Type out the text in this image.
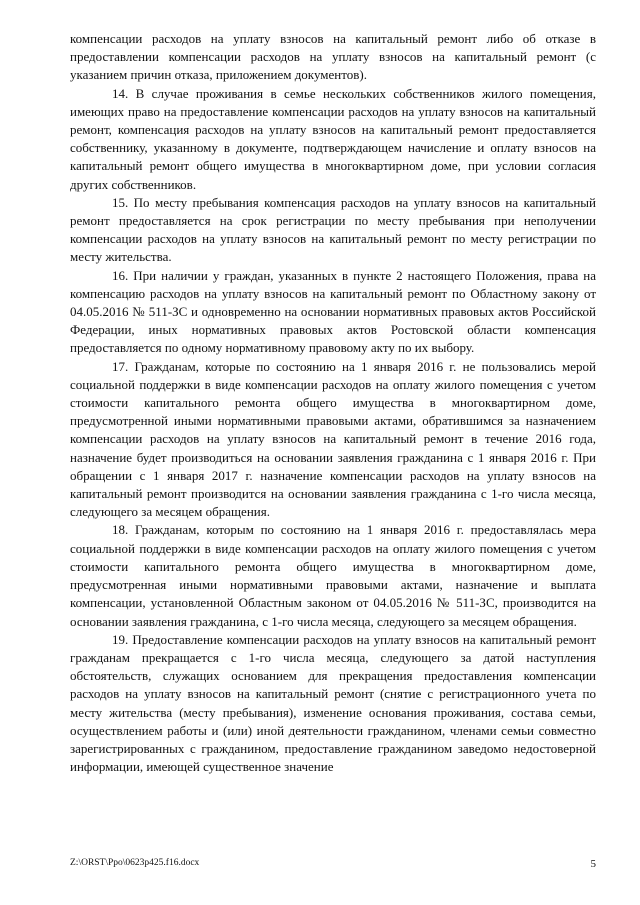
компенсации расходов на уплату взносов на капитальный ремонт либо об отказе в предоставлении компенсации расходов на уплату взносов на капитальный ремонт (с указанием причин отказа, приложением документов).

14. В случае проживания в семье нескольких собственников жилого помещения, имеющих право на предоставление компенсации расходов на уплату взносов на капитальный ремонт, компенсация расходов на уплату взносов на капитальный ремонт предоставляется собственнику, указанному в документе, подтверждающем начисление и оплату взносов на капитальный ремонт общего имущества в многоквартирном доме, при условии согласия других собственников.

15. По месту пребывания компенсация расходов на уплату взносов на капитальный ремонт предоставляется на срок регистрации по месту пребывания при неполучении компенсации расходов на уплату взносов на капитальный ремонт по месту регистрации по месту жительства.

16. При наличии у граждан, указанных в пункте 2 настоящего Положения, права на компенсацию расходов на уплату взносов на капитальный ремонт по Областному закону от 04.05.2016 № 511-ЗС и одновременно на основании нормативных правовых актов Российской Федерации, иных нормативных правовых актов Ростовской области компенсация предоставляется по одному нормативному правовому акту по их выбору.

17. Гражданам, которые по состоянию на 1 января 2016 г. не пользовались мерой социальной поддержки в виде компенсации расходов на оплату жилого помещения с учетом стоимости капитального ремонта общего имущества в многоквартирном доме, предусмотренной иными нормативными правовыми актами, обратившимся за назначением компенсации расходов на уплату взносов на капитальный ремонт в течение 2016 года, назначение будет производиться на основании заявления гражданина с 1 января 2016 г. При обращении с 1 января 2017 г. назначение компенсации расходов на уплату взносов на капитальный ремонт производится на основании заявления гражданина с 1-го числа месяца, следующего за месяцем обращения.

18. Гражданам, которым по состоянию на 1 января 2016 г. предоставлялась мера социальной поддержки в виде компенсации расходов на оплату жилого помещения с учетом стоимости капитального ремонта общего имущества в многоквартирном доме, предусмотренная иными нормативными правовыми актами, назначение и выплата компенсации, установленной Областным законом от 04.05.2016 № 511-ЗС, производится на основании заявления гражданина, с 1-го числа месяца, следующего за месяцем обращения.

19. Предоставление компенсации расходов на уплату взносов на капитальный ремонт гражданам прекращается с 1-го числа месяца, следующего за датой наступления обстоятельств, служащих основанием для прекращения предоставления компенсации расходов на уплату взносов на капитальный ремонт (снятие с регистрационного учета по месту жительства (месту пребывания), изменение основания проживания, состава семьи, осуществлением работы и (или) иной деятельности гражданином, членами семьи совместно зарегистрированных с гражданином, предоставление гражданином заведомо недостоверной информации, имеющей существенное значение

Z:\ORST\Ppo\0623p425.f16.docx	5
